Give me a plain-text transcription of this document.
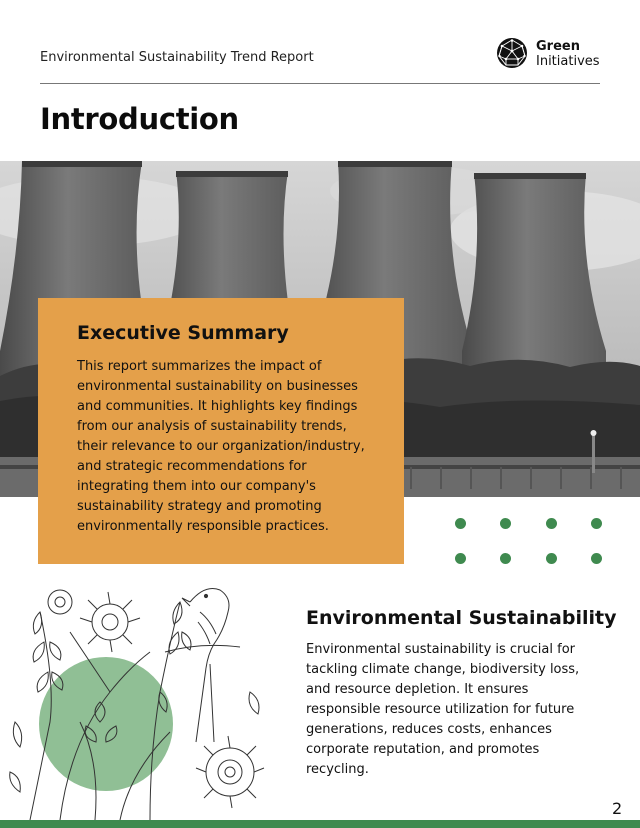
Environmental Sustainability Trend Report
Green
Initiatives
Introduction
Executive Summary

This report summarizes the impact of environmental sustainability on businesses and communities. It highlights key findings from our analysis of sustainability trends, their relevance to our organization/industry, and strategic recommendations for integrating them into our company's sustainability strategy and promoting environmentally responsible practices.

Environmental Sustainability

Environmental sustainability is crucial for tackling climate change, biodiversity loss, and resource depletion. It ensures responsible resource utilization for future generations, reduces costs, enhances corporate reputation, and promotes recycling.

2
